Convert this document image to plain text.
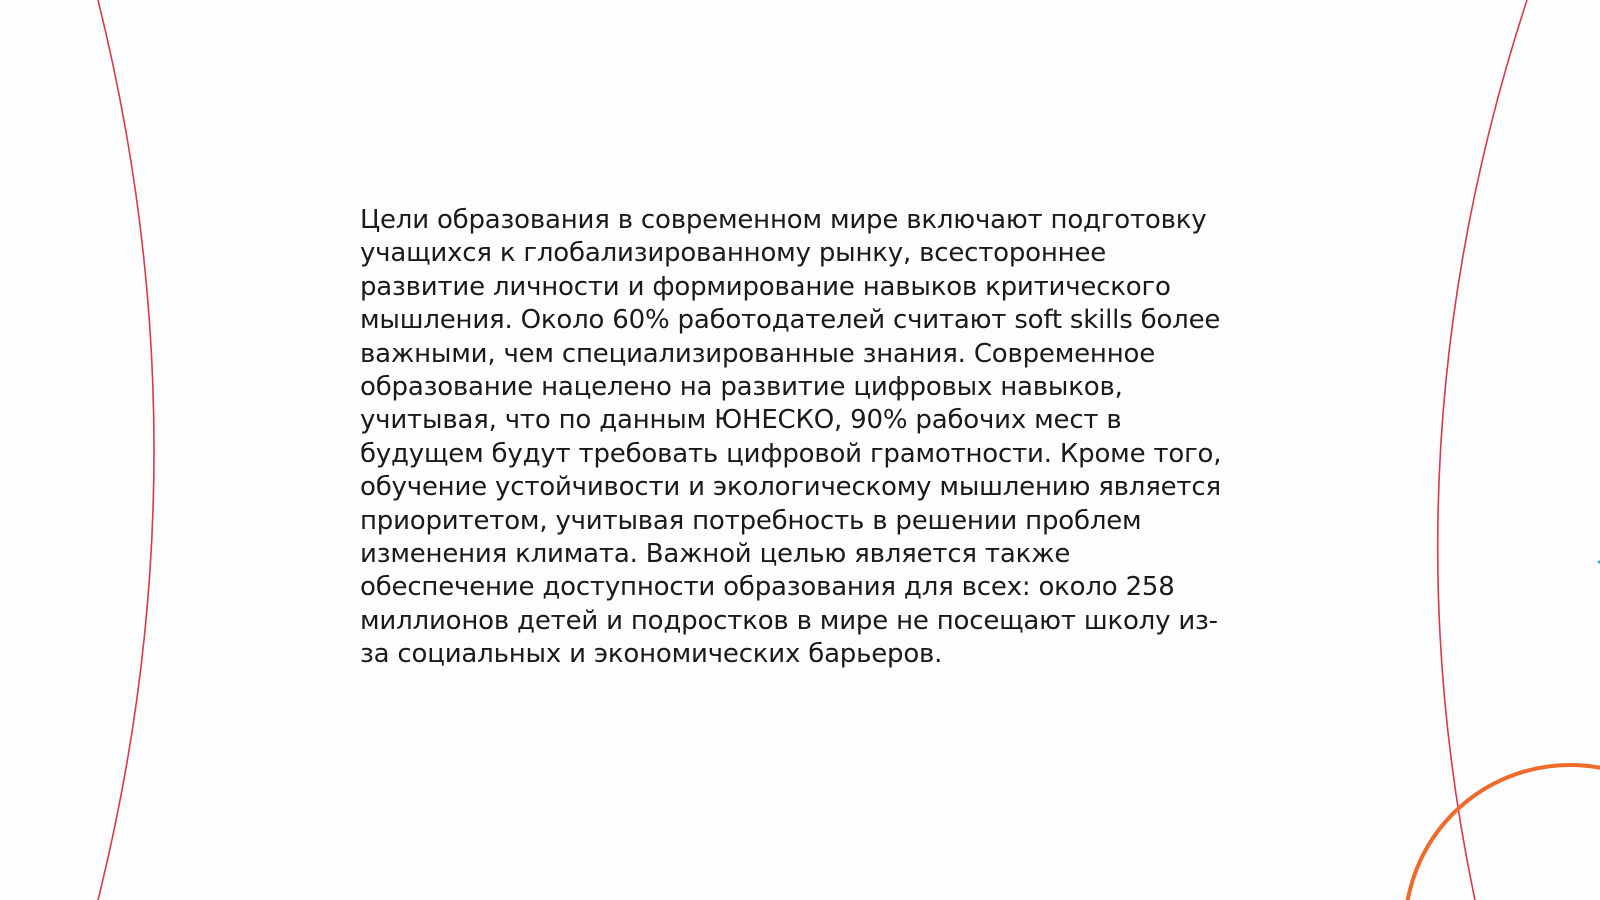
Цели образования в современном мире включают подготовку
учащихся к глобализированному рынку, всестороннее
развитие личности и формирование навыков критического
мышления. Около 60% работодателей считают soft skills более
важными, чем специализированные знания. Современное
образование нацелено на развитие цифровых навыков,
учитывая, что по данным ЮНЕСКО, 90% рабочих мест в
будущем будут требовать цифровой грамотности. Кроме того,
обучение устойчивости и экологическому мышлению является
приоритетом, учитывая потребность в решении проблем
изменения климата. Важной целью является также
обеспечение доступности образования для всех: около 258
миллионов детей и подростков в мире не посещают школу из-
за социальных и экономических барьеров.
